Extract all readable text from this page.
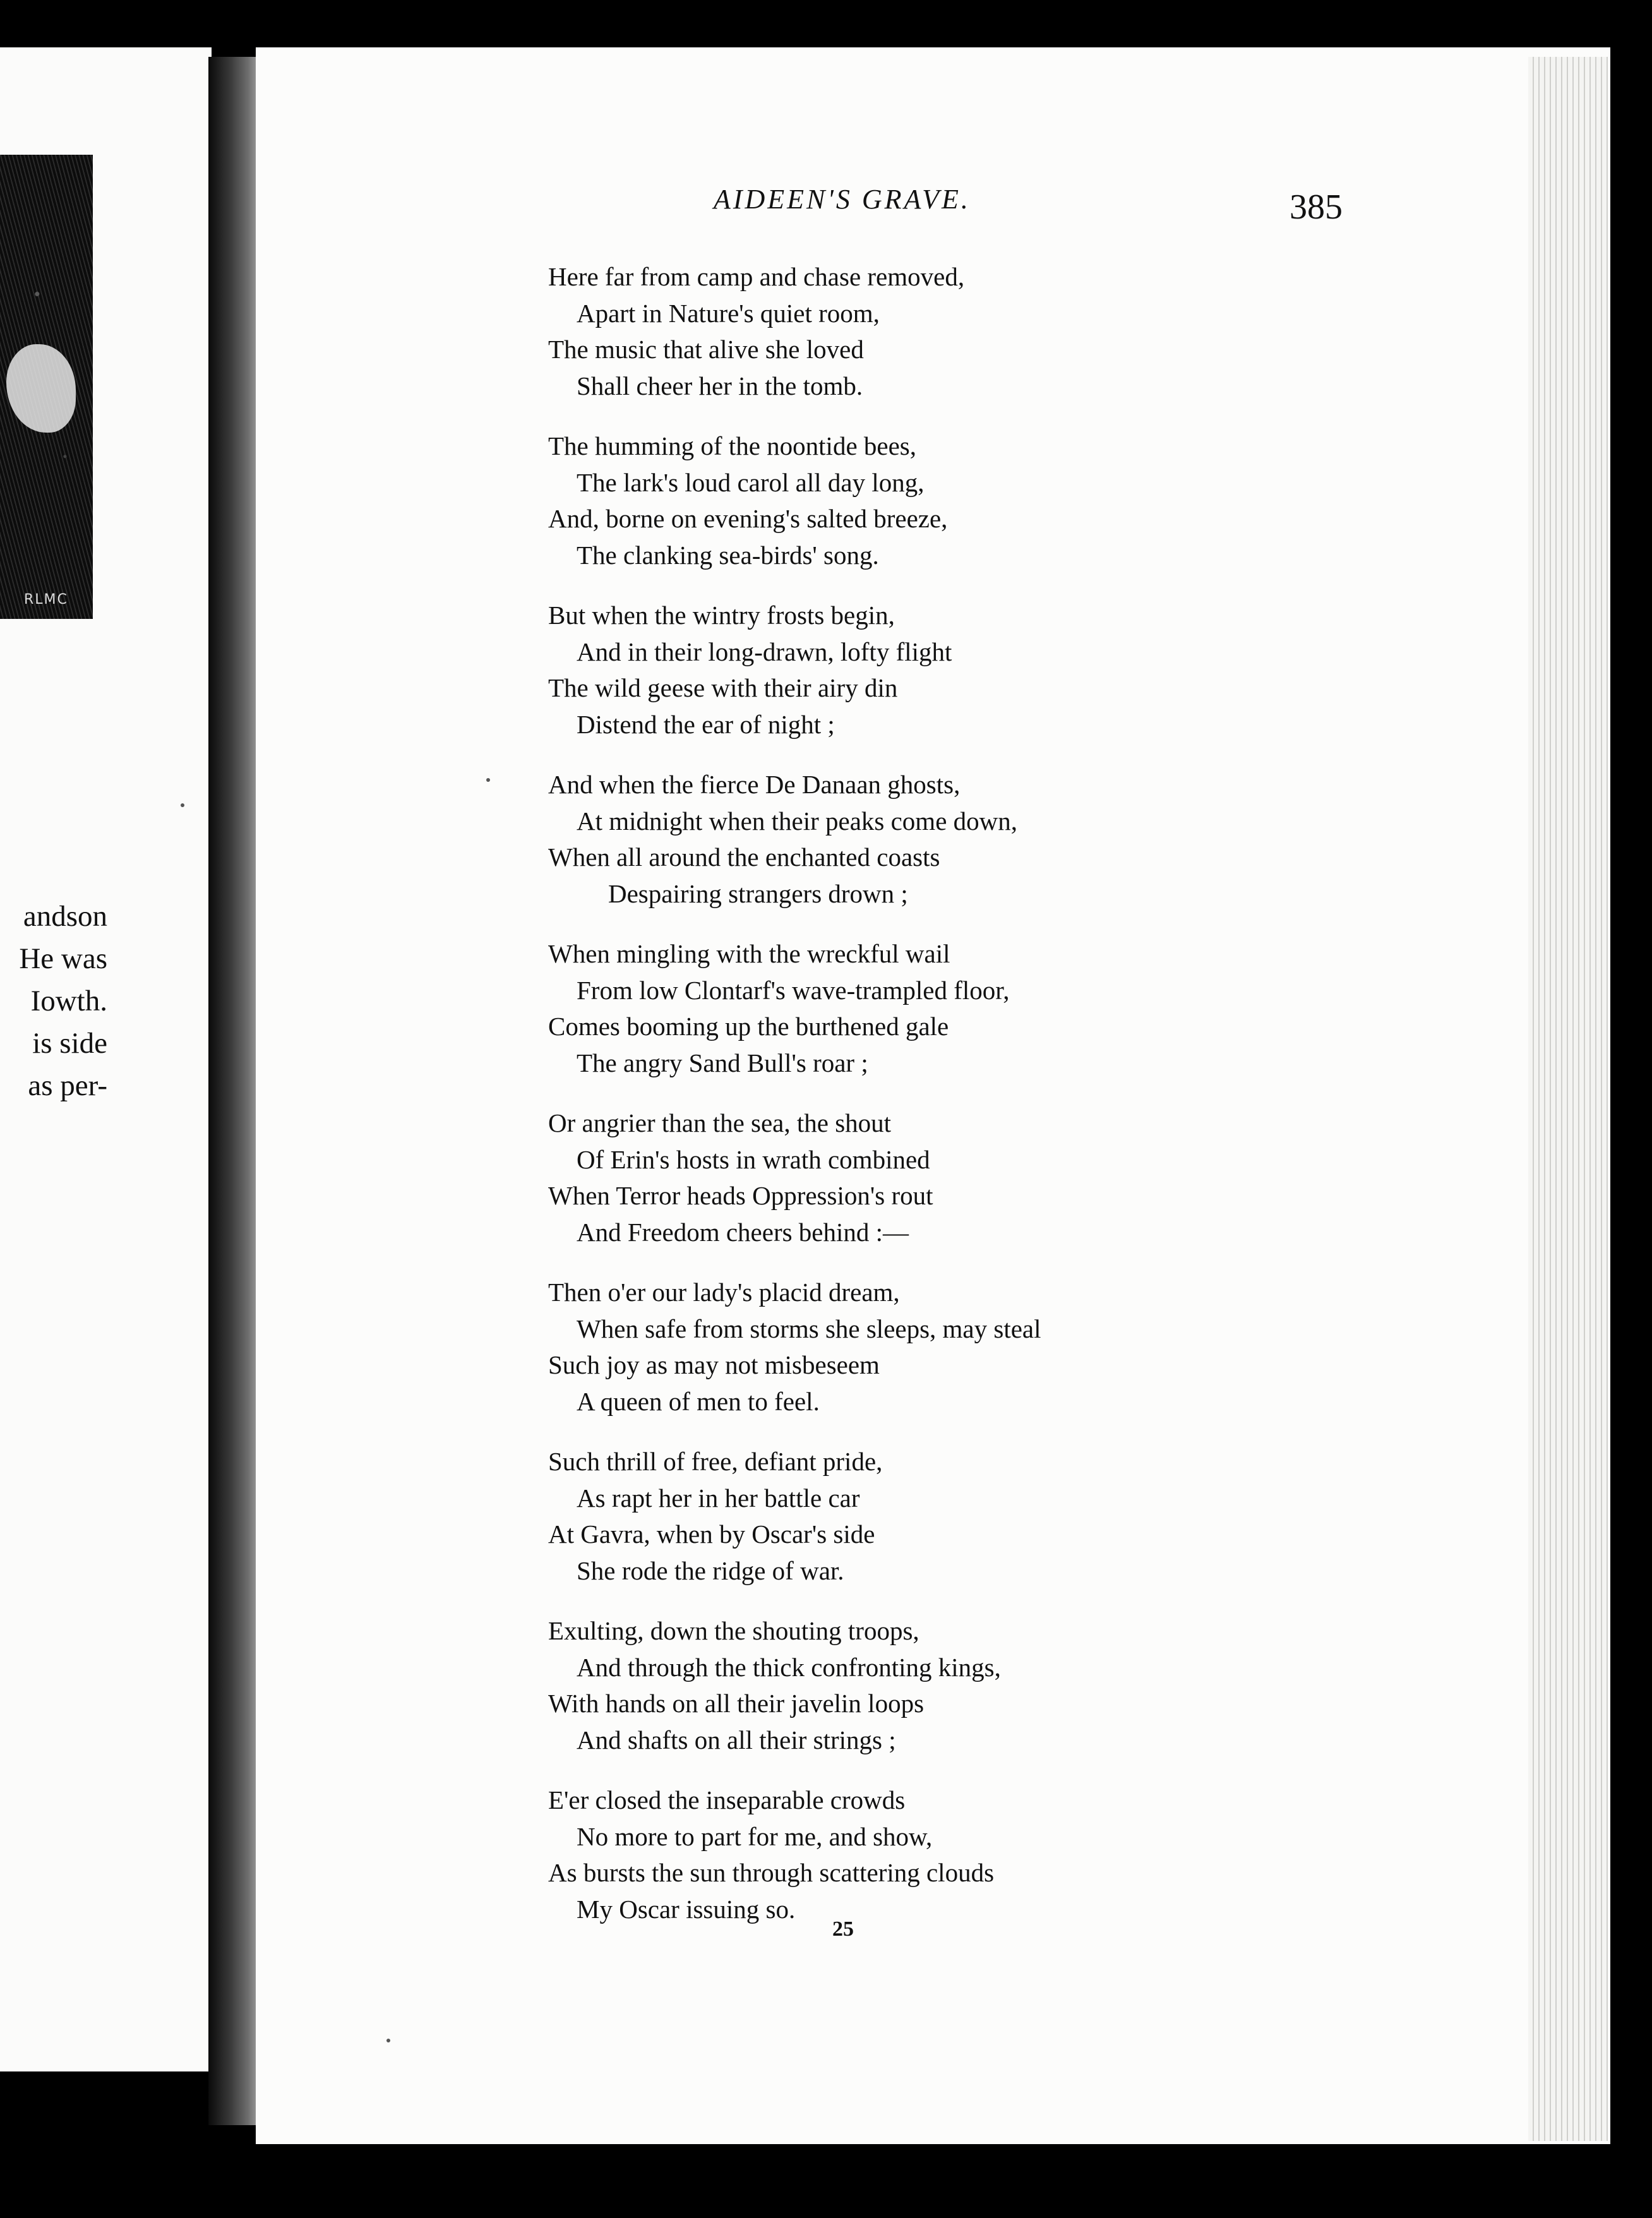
RLMC
andson
He was
Iowth.
is side
as per-
AIDEEN'S GRAVE.	385
Here far from camp and chase removed,
Apart in Nature's quiet room,
The music that alive she loved
Shall cheer her in the tomb.
The humming of the noontide bees,
The lark's loud carol all day long,
And, borne on evening's salted breeze,
The clanking sea-birds' song.
But when the wintry frosts begin,
And in their long-drawn, lofty flight
The wild geese with their airy din
Distend the ear of night ;
And when the fierce De Danaan ghosts,
At midnight when their peaks come down,
When all around the enchanted coasts
Despairing strangers drown ;
When mingling with the wreckful wail
From low Clontarf's wave-trampled floor,
Comes booming up the burthened gale
The angry Sand Bull's roar ;
Or angrier than the sea, the shout
Of Erin's hosts in wrath combined
When Terror heads Oppression's rout
And Freedom cheers behind :—
Then o'er our lady's placid dream,
When safe from storms she sleeps, may steal
Such joy as may not misbeseem
A queen of men to feel.
Such thrill of free, defiant pride,
As rapt her in her battle car
At Gavra, when by Oscar's side
She rode the ridge of war.
Exulting, down the shouting troops,
And through the thick confronting kings,
With hands on all their javelin loops
And shafts on all their strings ;
E'er closed the inseparable crowds
No more to part for me, and show,
As bursts the sun through scattering clouds
My Oscar issuing so.
25
